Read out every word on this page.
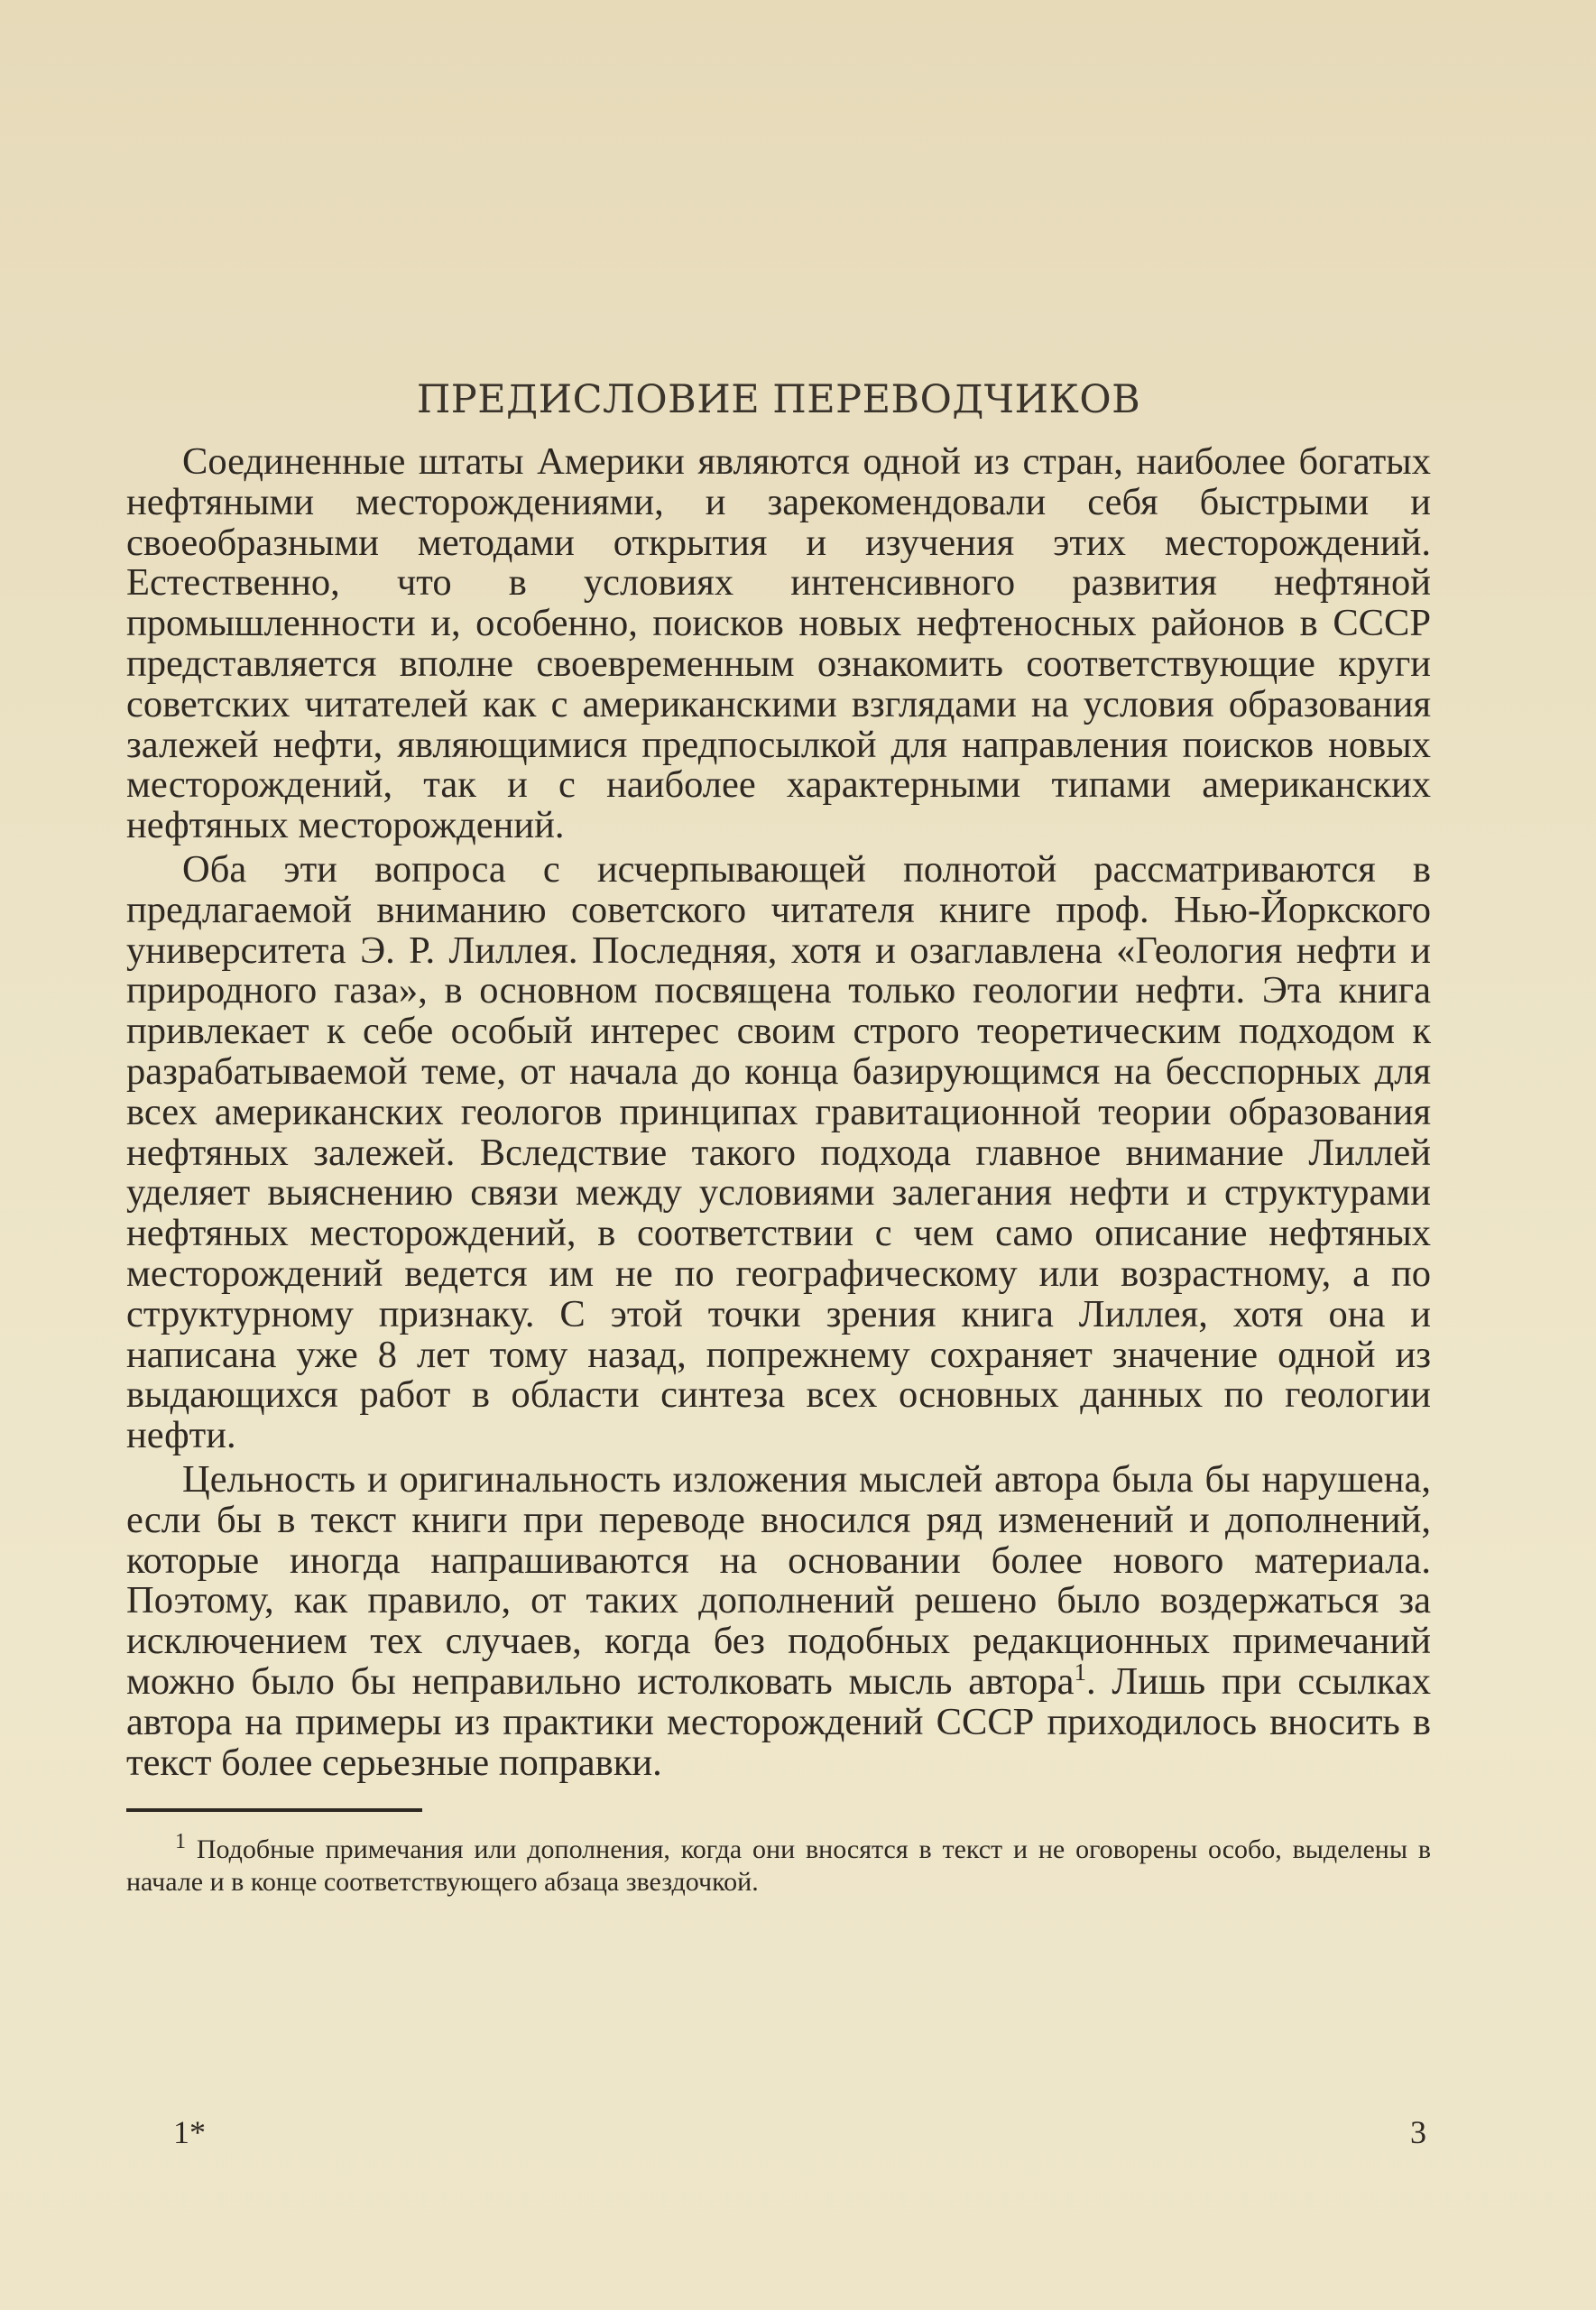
ПРЕДИСЛОВИЕ ПЕРЕВОДЧИКОВ

Соединенные штаты Америки являются одной из стран, наиболее богатых нефтяными месторождениями, и зарекомендовали себя быстрыми и своеобразными методами открытия и изучения этих месторождений. Естественно, что в условиях интенсивного развития нефтяной промышленности и, особенно, поисков новых нефтеносных районов в СССР представляется вполне своевременным ознакомить соответствующие круги советских читателей как с американскими взглядами на условия образования залежей нефти, являющимися предпосылкой для направления поисков новых месторождений, так и с наиболее характерными типами американских нефтяных месторождений.

Оба эти вопроса с исчерпывающей полнотой рассматриваются в предлагаемой вниманию советского читателя книге проф. Нью-Йоркского университета Э. Р. Лиллея. Последняя, хотя и озаглавлена «Геология нефти и природного газа», в основном посвящена только геологии нефти. Эта книга привлекает к себе особый интерес своим строго теоретическим подходом к разрабатываемой теме, от начала до конца базирующимся на бесспорных для всех американских геологов принципах гравитационной теории образования нефтяных залежей. Вследствие такого подхода главное внимание Лиллей уделяет выяснению связи между условиями залегания нефти и структурами нефтяных месторождений, в соответствии с чем само описание нефтяных месторождений ведется им не по географическому или возрастному, а по структурному признаку. С этой точки зрения книга Лиллея, хотя она и написана уже 8 лет тому назад, попрежнему сохраняет значение одной из выдающихся работ в области синтеза всех основных данных по геологии нефти.

Цельность и оригинальность изложения мыслей автора была бы нарушена, если бы в текст книги при переводе вносился ряд изменений и дополнений, которые иногда напрашиваются на основании более нового материала. Поэтому, как правило, от таких дополнений решено было воздержаться за исключением тех случаев, когда без подобных редакционных примечаний можно было бы неправильно истолковать мысль автора$^1$. Лишь при ссылках автора на примеры из практики месторождений СССР приходилось вносить в текст более серьезные поправки.

$^1$ Подобные примечания или дополнения, когда они вносятся в текст и не оговорены особо, выделены в начале и в конце соответствующего абзаца звездочкой.

1*	3
